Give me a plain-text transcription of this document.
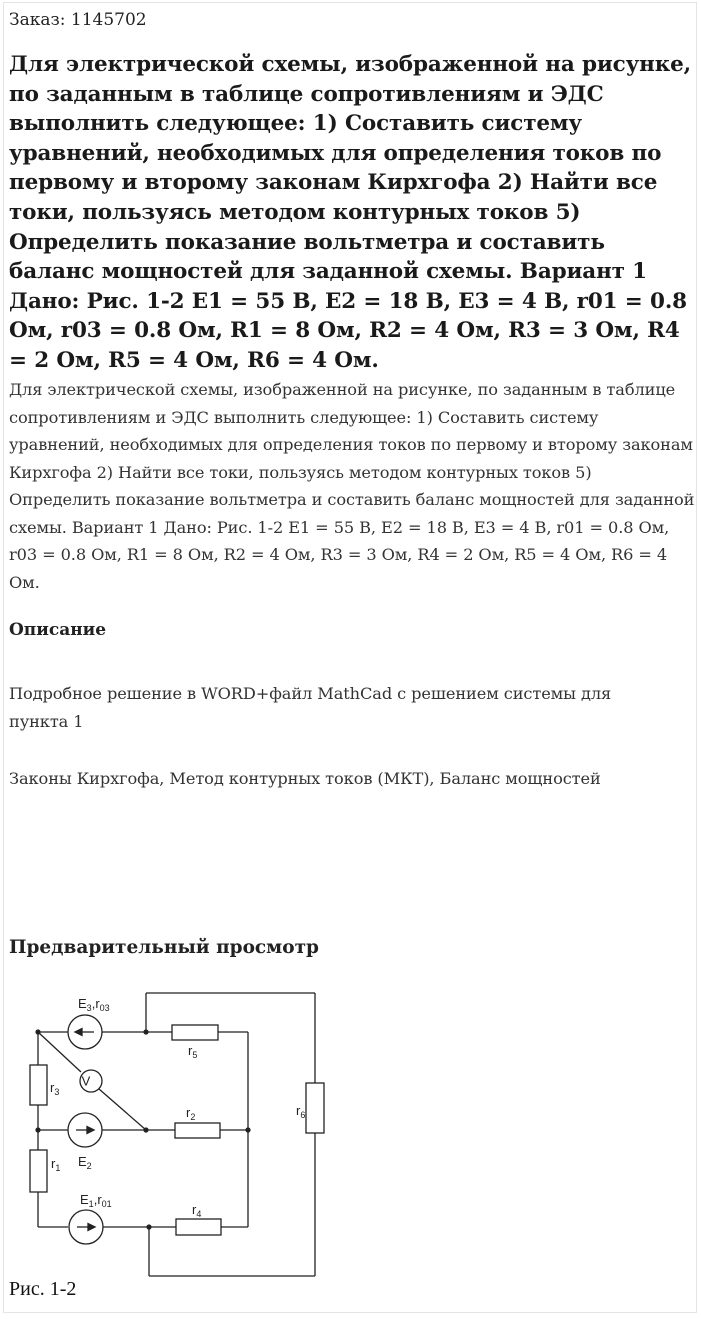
Заказ: 1145702
Для электрической схемы, изображенной на рисунке, по заданным в таблице сопротивлениям и ЭДС выполнить следующее: 1) Составить систему уравнений, необходимых для определения токов по первому и второму законам Кирхгофа 2) Найти все токи, пользуясь методом контурных токов 5) Определить показание вольтметра и составить баланс мощностей для заданной схемы. Вариант 1 Дано: Рис. 1-2 E1 = 55 В, E2 = 18 В, E3 = 4 В, r01 = 0.8 Ом, r03 = 0.8 Ом, R1 = 8 Ом, R2 = 4 Ом, R3 = 3 Ом, R4 = 2 Ом, R5 = 4 Ом, R6 = 4 Ом.

Для электрической схемы, изображенной на рисунке, по заданным в таблице сопротивлениям и ЭДС выполнить следующее: 1) Составить систему уравнений, необходимых для определения токов по первому и второму законам Кирхгофа 2) Найти все токи, пользуясь методом контурных токов 5) Определить показание вольтметра и составить баланс мощностей для заданной схемы. Вариант 1 Дано: Рис. 1-2 E1 = 55 В, E2 = 18 В, E3 = 4 В, r01 = 0.8 Ом, r03 = 0.8 Ом, R1 = 8 Ом, R2 = 4 Ом, R3 = 3 Ом, R4 = 2 Ом, R5 = 4 Ом, R6 = 4 Ом.

Описание

Подробное решение в WORD+файл MathCad с решением системы для пункта 1

Законы Кирхгофа, Метод контурных токов (МКТ), Баланс мощностей

Предварительный просмотр
V
$E_3,r_{03}$
$r_5$
$r_3$
$r_2$	$r_6$
$E_2$
$r_1$
$E_1,r_{01}$	$r_4$
Рис. 1-2
